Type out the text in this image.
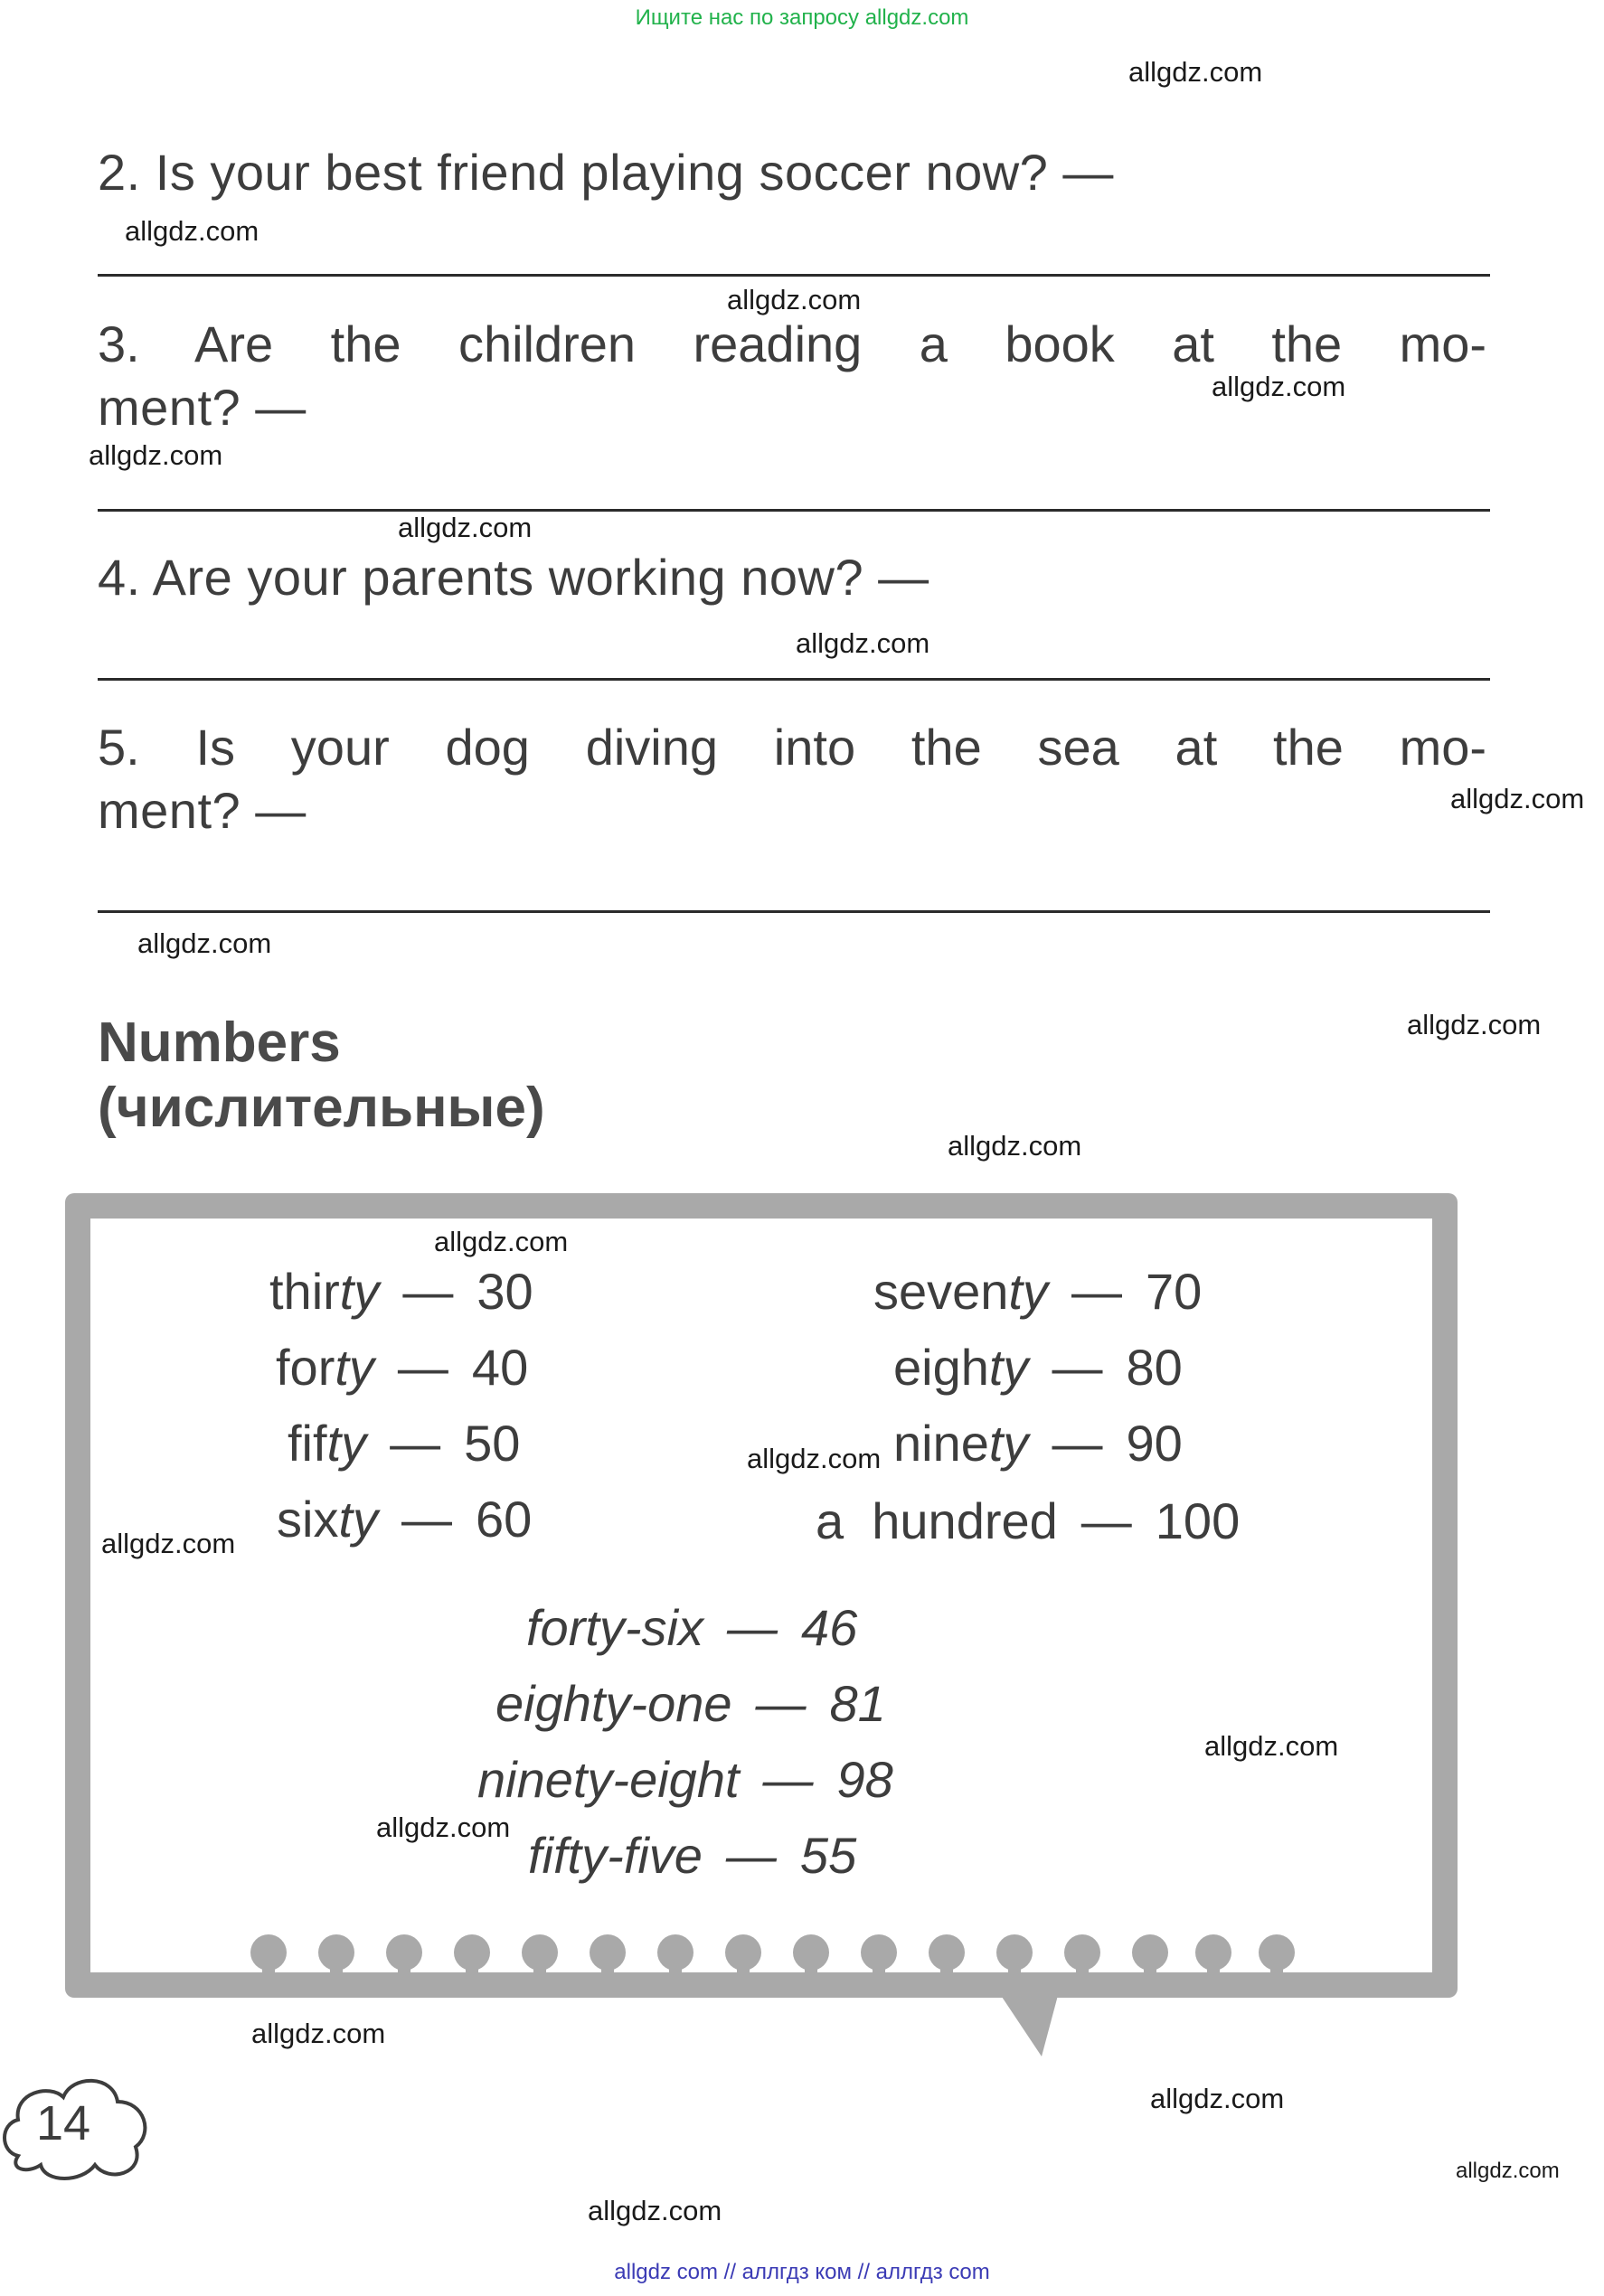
Ищите нас по запросу allgdz.com
allgdz com // аллгдз ком // аллгдз com
2. Is your best friend playing soccer now? —
3. Are the children reading a book at the mo-
ment? —
4. Are your parents working now? —
5. Is your dog diving into the sea at the mo-
ment? —
Numbers
(числительные)
thirty — 30
forty — 40
fifty — 50
sixty — 60
seventy — 70
eighty — 80
ninety — 90
a  hundred — 100
forty-six — 46
eighty-one — 81
ninety-eight — 98
fifty-five — 55
14
allgdz.com
allgdz.com
allgdz.com
allgdz.com
allgdz.com
allgdz.com
allgdz.com
allgdz.com
allgdz.com
allgdz.com
allgdz.com
allgdz.com
allgdz.com
allgdz.com
allgdz.com
allgdz.com
allgdz.com
allgdz.com
allgdz.com
allgdz.com
